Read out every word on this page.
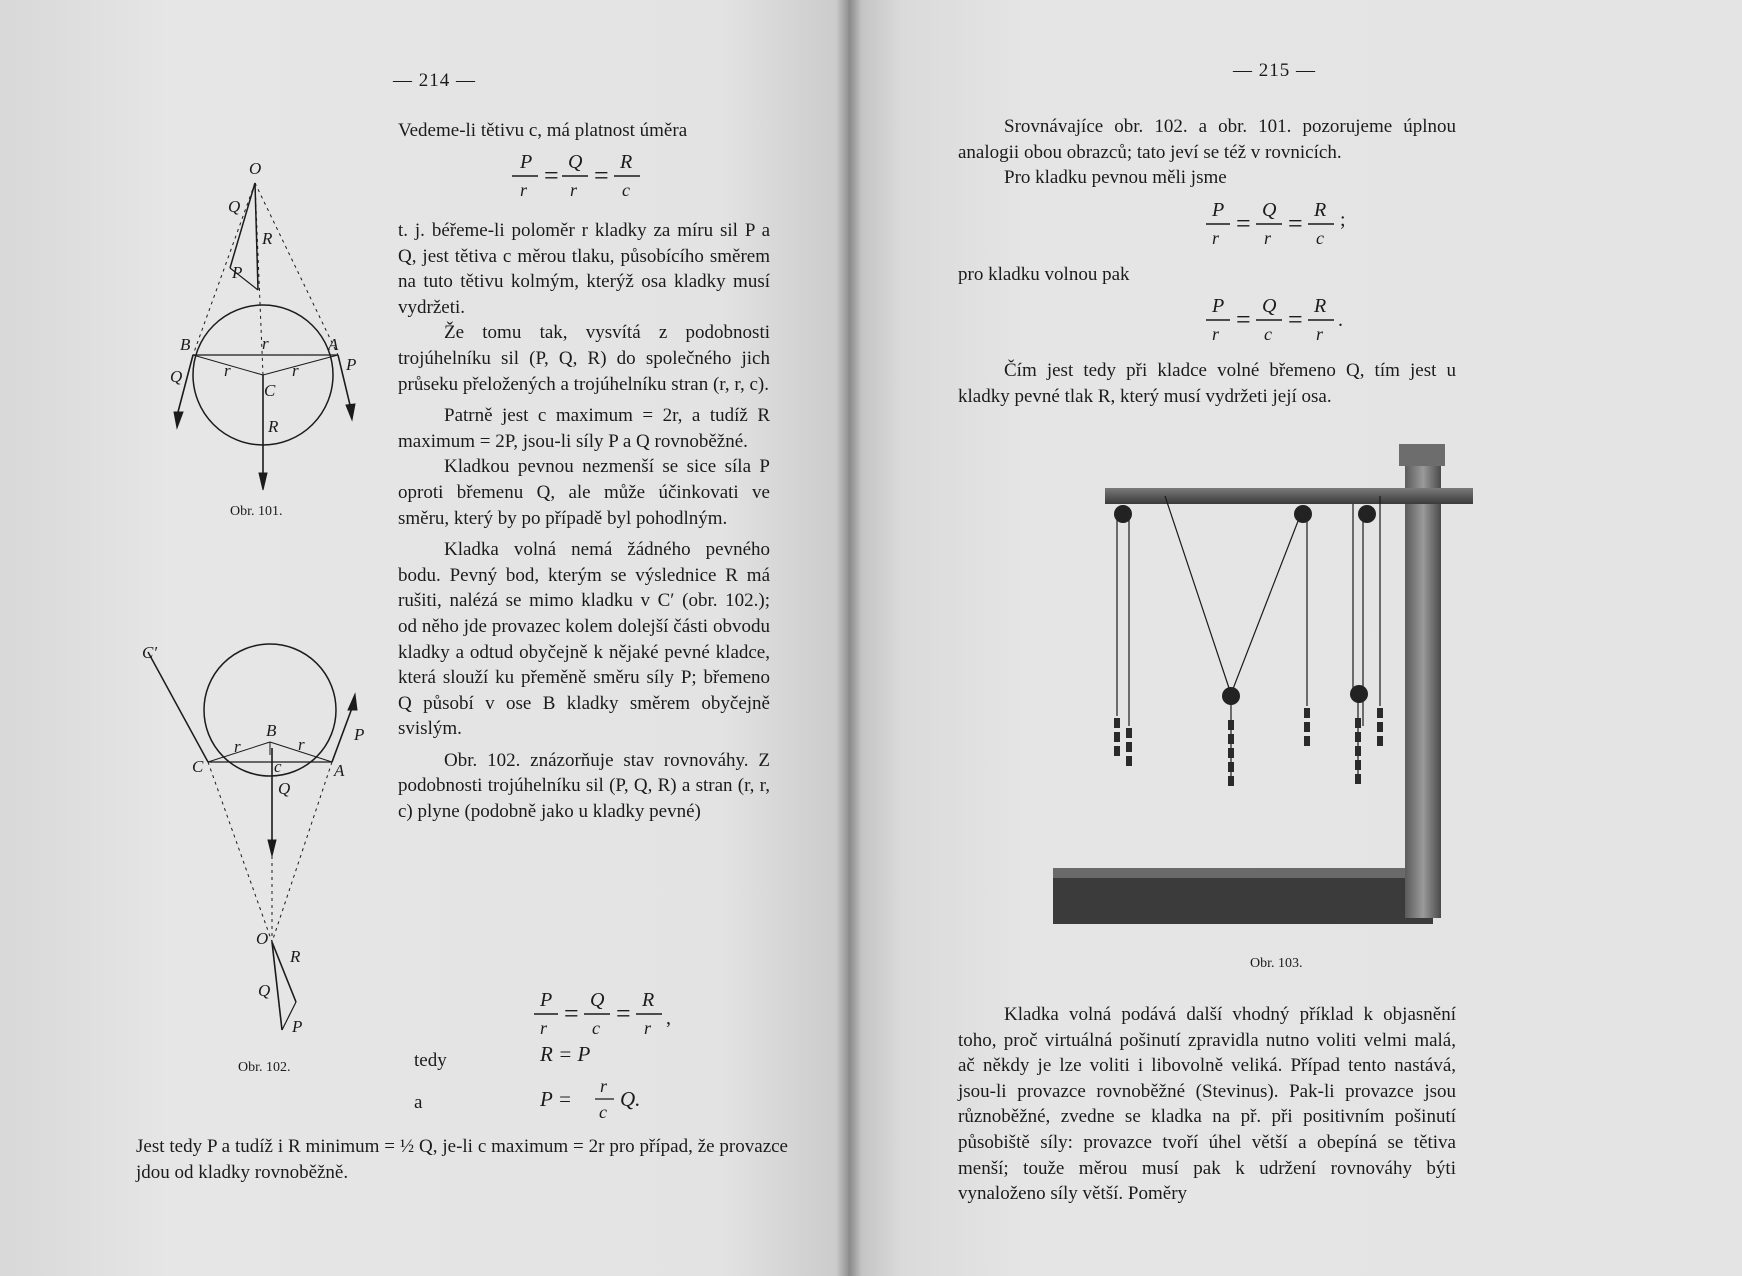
— 214 —
Vedeme-li tětivu c, má platnost úměra
P
r = Q
r = R
c

t. j. béřeme-li poloměr r kladky za míru sil P a Q, jest tětiva c měrou tlaku, působícího směrem na tuto tětivu kolmým, kterýž osa kladky musí vydržeti.

Že tomu tak, vysvítá z podobnosti trojúhelníku sil (P, Q, R) do společného jich průseku přeložených a trojúhelníku stran (r, r, c).

Patrně jest c maximum = 2r, a tudíž R maximum = 2P, jsou-li síly P a Q rovnoběžné.

Kladkou pevnou nezmenší se sice síla P oproti břemenu Q, ale může účinkovati ve směru, který by po případě byl pohodlným.

Kladka volná nemá žádného pevného bodu. Pevný bod, kterým se výslednice R má rušiti, nalézá se mimo kladku v C′ (obr. 102.); od něho jde provazec kolem dolejší části obvodu kladky a odtud obyčejně k nějaké pevné kladce, která slouží ku přeměně směru síly P; břemeno Q působí v ose B kladky směrem obyčejně svislým.

Obr. 102. znázorňuje stav rovnováhy. Z podobnosti trojúhelníku sil (P, Q, R) a stran (r, r, c) plyne (podobně jako u kladky pevné)

P
r = Q
c = R
r ,
tedy	R = P
a	P =
r
c
Q.
Jest tedy P a tudíž i R minimum = ½ Q, je-li c maximum = 2r pro případ, že provazce jdou od kladky rovnoběžně.
O
Q
R
P
B	A
r
Q r
C
r	P
R
Obr. 101.
C′
r
B
r
P
C	A
c
Q
O
R
Q
P
Obr. 102.
— 215 —

Srovnávajíce obr. 102. a obr. 101. pozorujeme úplnou analogii obou obrazců; tato jeví se též v rovnicích.

Pro kladku pevnou měli jsme

P
r = Q
r = R
c
;
pro kladku volnou pak
P
r = Q
c = R
r
.
Čím jest tedy při kladce volné břemeno Q, tím jest u kladky pevné tlak R, který musí vydržeti její osa.
Obr. 103.
Kladka volná podává další vhodný příklad k objasnění toho, proč virtuálná pošinutí zpravidla nutno voliti velmi malá, ač někdy je lze voliti i libovolně veliká. Případ tento nastává, jsou-li provazce rovnoběžné (Stevinus). Pak-li provazce jsou různoběžné, zvedne se kladka na př. při positivním pošinutí působiště síly: provazce tvoří úhel větší a obepíná se tětiva menší; touže měrou musí pak k udržení rovnováhy býti vynaloženo síly větší. Poměry
